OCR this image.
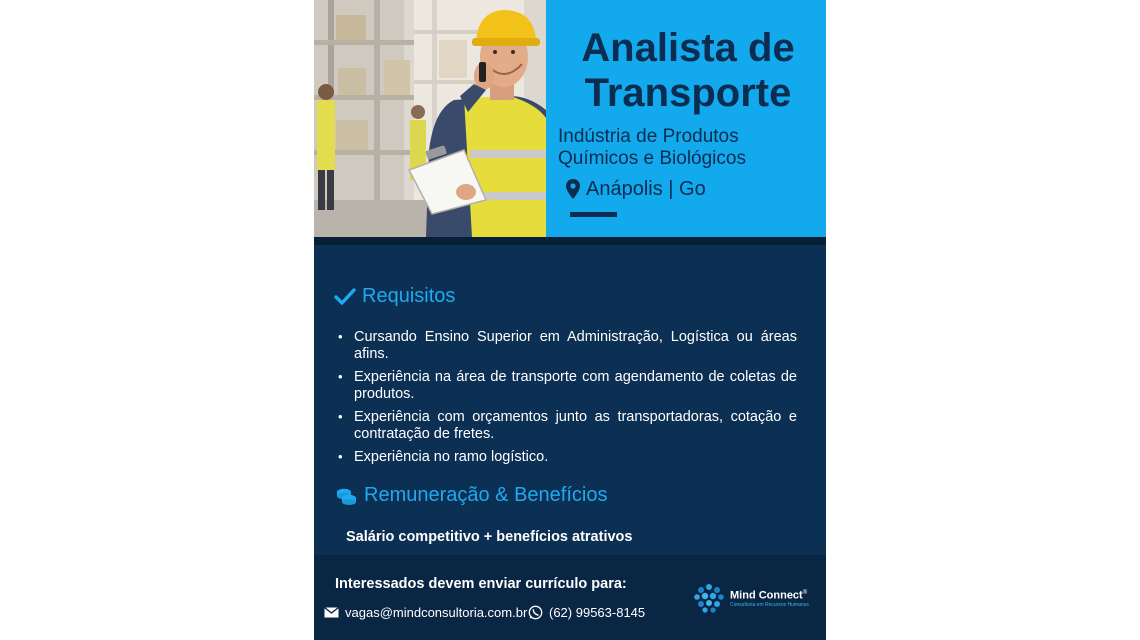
Analista de
Transporte

Indústria de Produtos
Químicos e Biológicos

Anápolis | Go
Requisitos
• Cursando Ensino Superior em Administração, Logística ou áreas afins.
• Experiência na área de transporte com agendamento de coletas de produtos.
• Experiência com orçamentos junto as transportadoras, cotação e contratação de fretes.
• Experiência no ramo logístico.
Remuneração & Benefícios
Salário competitivo + benefícios atrativos
Interessados devem enviar currículo para:
vagas@mindconsultoria.com.br (62) 99563-8145
Mind Connect®
Consultoria em Recursos Humanos
